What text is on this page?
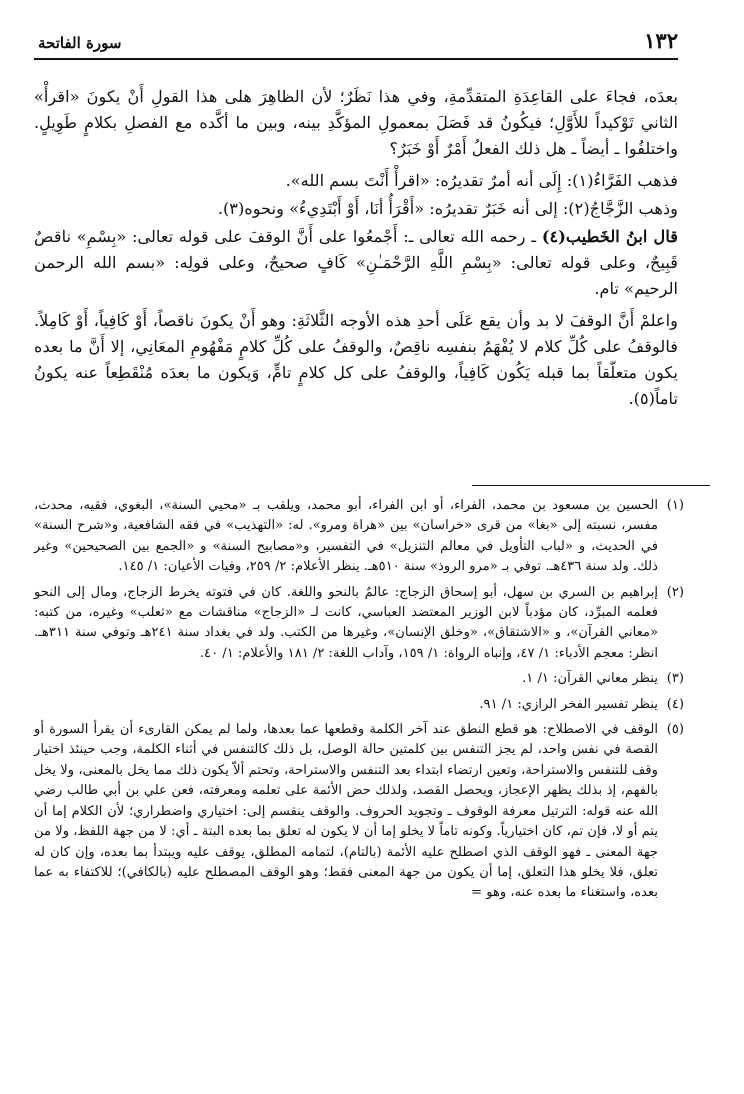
١٣٢
سورة الفاتحة

بعدَه، فجاءَ على القاعِدَةِ المتقدِّمةِ، وفي هذا نَظَرٌ؛ لأن الظاهِرَ هلى هذا القولِ أَنْ يكونَ «اقرأْ» الثاني تَوْكيداً للأَوَّلِ؛ فيكُونُ قد فَصَلَ بمعمولِ المؤكَّدِ بينه، وبين ما أكَّده مع الفصلِ بكلامٍ طَوِيلٍ. واختلفُوا ـ أيضاً ـ هل ذلك الفعلُ أَمْرٌ أَوْ خَبَرٌ؟

فذهب الفَرَّاءُ(١): إِلَى أنه أمرٌ تقديرُه: «اقرأْ أَنْتَ بسم الله».

وذهب الزَّجَّاجُ(٢): إلى أنه خَبَرٌ تقديرُه: «أَقْرَأُ أنَا، أَوْ أَبْتَدِيءُ» ونحوه(٣).

قال ابنُ الخَطيب(٤) ـ رحمه الله تعالى ـ: أَجْمعُوا على أَنَّ الوقفَ على قوله تعالى: «بِسْمِ» ناقصٌ قَبِيحٌ، وعلى قوله تعالى: «بِسْمِ اللَّهِ الرَّحْمَـٰنِ» كَافٍ صحيحٌ، وعلى قولِه: «بسم الله الرحمن الرحيم» تام.

واعلمْ أَنَّ الوقفَ لا بد وأن يقع عَلَى أحدِ هذه الأوجه الثَّلاثَةِ: وهو أَنْ يكونَ ناقصاً، أَوْ كَافِياً، أَوْ كَامِلاً. فالوقفُ على كُلِّ كلام لا يُفْهَمُ بنفسِه ناقِصٌ، والوقفُ على كُلِّ كلامٍ مَفْهُومِ المعَانِي، إلا أَنَّ ما بعده يكون متعلّقاً بما قبله يَكُون كَافِياً، والوقفُ على كل كلامٍ تامٍّ، وَيكون ما بعدَه مُنْقَطِعاً عنه يكونُ تاماً(٥).

(١)
الحسين بن مسعود بن محمد، الفراء، أو ابن الفراء، أبو محمد، ويلقب بـ «محيي السنة»، البغوي، فقيه، محدث، مفسر، نسبته إلى «بغا» من قرى «خراسان» بين «هراة ومرو». له: «التهذيب» في فقه الشافعية، و«شرح السنة» في الحديث، و «لباب التأويل في معالم التنزيل» في التفسير، و«مصابيح السنة» و «الجمع بين الصحيحين» وغير ذلك. ولد سنة ٤٣٦هـ. توفي بـ «مرو الروذ» سنة ٥١٠هـ. ينظر الأعلام: ٢/ ٢٥٩، وفيات الأعيان: ١/ ١٤٥.
(٢)
إبراهيم بن السري بن سهل، أبو إسحاق الزجاج: عالمٌ بالنحو واللغة. كان في فتوته يخرط الزجاج، ومال إلى النحو فعلمه المبرِّد، كان مؤدباً لابن الوزير المعتضد العباسي، كانت لـ «الزجاج» مناقشات مع «ثعلب» وغيره، من كتبه: «معاني القرآن»، و «الاشتقاق»، «وخلق الإنسان»، وغيرها من الكتب. ولد في بغداد سنة ٢٤١هـ وتوفي سنة ٣١١هـ. انظر: معجم الأدباء: ١/ ٤٧، وإنباه الرواة: ١/ ١٥٩، وآداب اللغة: ٢/ ١٨١ والأعلام: ١/ ٤٠.
(٣)
ينظر معاني القرآن: ١/ ١.
(٤)
ينظر تفسير الفخر الرازي: ١/ ٩١.
(٥)
الوقف في الاصطلاح: هو قطع النطق عند آخر الكلمة وقطعها عما بعدها، ولما لم يمكن القارىء أن يقرأ السورة أو القصة في نفس واحد، لم يجز التنفس بين كلمتين حالة الوصل، بل ذلك كالتنفس في أثناء الكلمة، وجب حينئذ اختيار وقف للتنفس والاستراحة، وتعين ارتضاء ابتداء بعد التنفس والاستراحة، وتحتم ألاّ يكون ذلك مما يخل بالمعنى، ولا يخل بالفهم، إذ بذلك يظهر الإعجاز، ويحصل القصد، ولذلك حض الأئمة على تعلمه ومعرفته، فعن علي بن أبي طالب رضي الله عنه قوله: الترتيل معرفة الوقوف ـ وتجويد الحروف. والوقف ينقسم إلى: اختياري واضطراري؛ لأن الكلام إما أن يتم أو لا، فإن تم، كان اختيارياً. وكونه تاماً لا يخلو إما أن لا يكون له تعلق بما بعده البتة ـ أي: لا من جهة اللفظ، ولا من جهة المعنى ـ فهو الوقف الذي اصطلح عليه الأئمة (بالتام)، لتمامه المطلق، يوقف عليه ويبتدأ بما بعده، وإن كان له تعلق، فلا يخلو هذا التعلق، إما أن يكون من جهة المعنى فقط؛ وهو الوقف المصطلح عليه (بالكافي)؛ للاكتفاء به عما بعده، واستغناء ما بعده عنه، وهو =
